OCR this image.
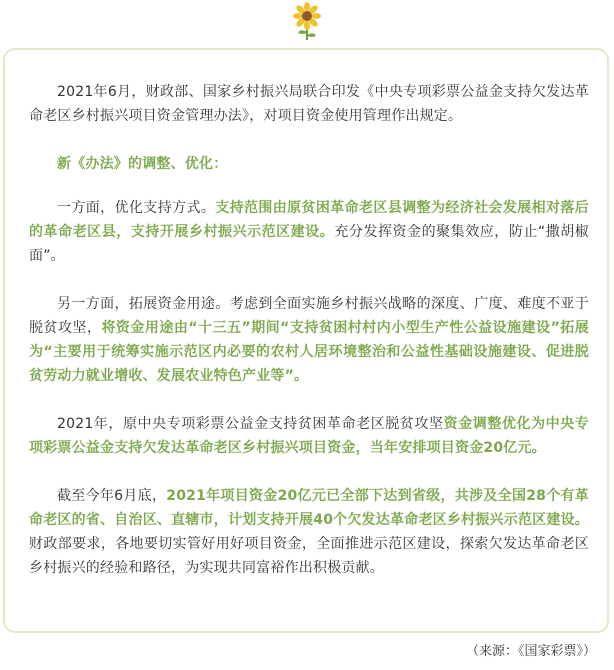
2021年6月，财政部、国家乡村振兴局联合印发《中央专项彩票公益金支持欠发达革命老区乡村振兴项目资金管理办法》，对项目资金使用管理作出规定。

新《办法》的调整、优化：

一方面，优化支持方式。支持范围由原贫困革命老区县调整为经济社会发展相对落后的革命老区县，支持开展乡村振兴示范区建设。充分发挥资金的聚集效应，防止“撒胡椒面”。

另一方面，拓展资金用途。考虑到全面实施乡村振兴战略的深度、广度、难度不亚于脱贫攻坚，将资金用途由“十三五”期间“支持贫困村村内小型生产性公益设施建设”拓展为“主要用于统筹实施示范区内必要的农村人居环境整治和公益性基础设施建设、促进脱贫劳动力就业增收、发展农业特色产业等”。

2021年，原中央专项彩票公益金支持贫困革命老区脱贫攻坚资金调整优化为中央专项彩票公益金支持欠发达革命老区乡村振兴项目资金，当年安排项目资金20亿元。

截至今年6月底，2021年项目资金20亿元已全部下达到省级，共涉及全国28个有革命老区的省、自治区、直辖市，计划支持开展40个欠发达革命老区乡村振兴示范区建设。财政部要求，各地要切实管好用好项目资金，全面推进示范区建设，探索欠发达革命老区乡村振兴的经验和路径，为实现共同富裕作出积极贡献。

（来源：《国家彩票》）
